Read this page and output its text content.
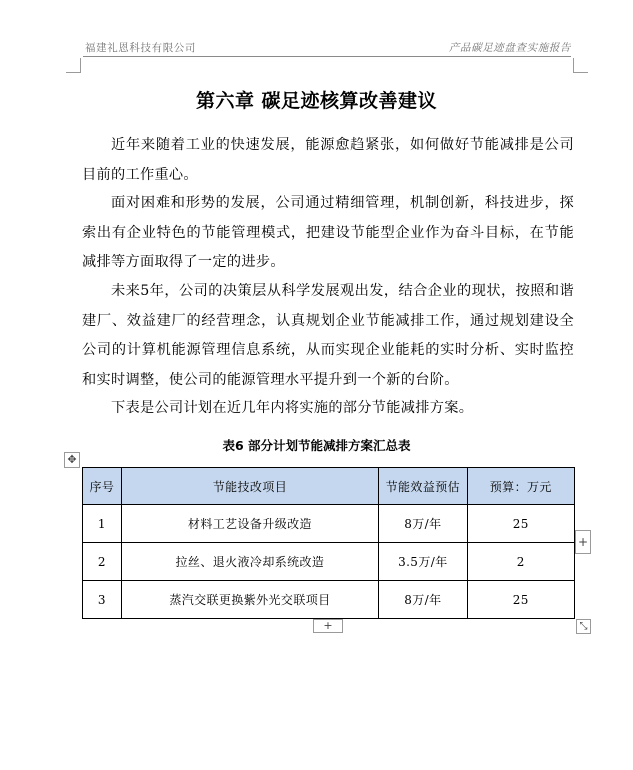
福建礼恩科技有限公司	产品碳足迹盘查实施报告
第六章 碳足迹核算改善建议

近年来随着工业的快速发展，能源愈趋紧张，如何做好节能减排是公司目前的工作重心。

面对困难和形势的发展，公司通过精细管理，机制创新，科技进步，探索出有企业特色的节能管理模式，把建设节能型企业作为奋斗目标，在节能减排等方面取得了一定的进步。

未来5年，公司的决策层从科学发展观出发，结合企业的现状，按照和谐建厂、效益建厂的经营理念，认真规划企业节能减排工作，通过规划建设全公司的计算机能源管理信息系统，从而实现企业能耗的实时分析、实时监控和实时调整，使公司的能源管理水平提升到一个新的台阶。

下表是公司计划在近几年内将实施的部分节能减排方案。

表6 部分计划节能减排方案汇总表
✥
序号	节能技改项目	节能效益预估	预算：万元
1	材料工艺设备升级改造	8万/年	25
2	拉丝、退火液冷却系统改造	3.5万/年	2
3	蒸汽交联更换紫外光交联项目	8万/年	25
+
+	⤡
